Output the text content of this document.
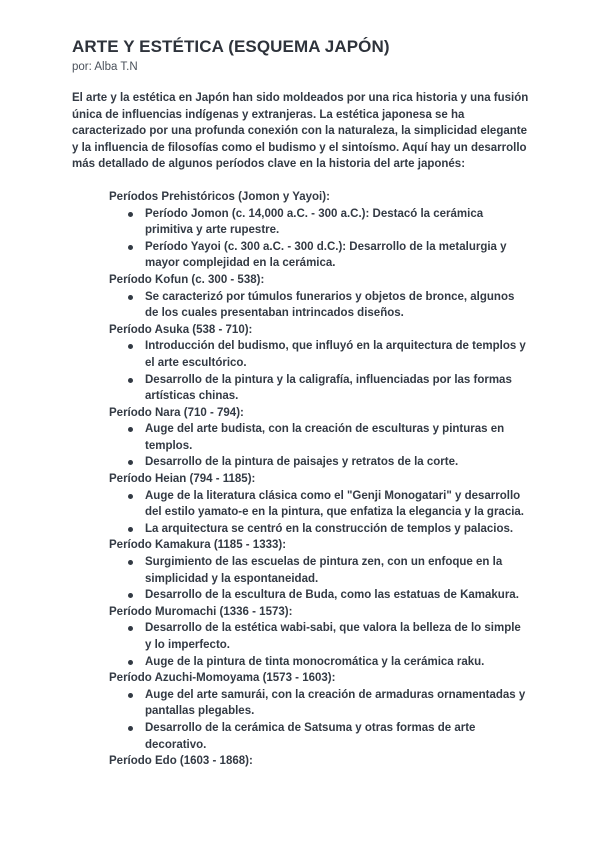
ARTE Y ESTÉTICA (ESQUEMA JAPÓN)

por: Alba T.N

El arte y la estética en Japón han sido moldeados por una rica historia y una fusión única de influencias indígenas y extranjeras. La estética japonesa se ha caracterizado por una profunda conexión con la naturaleza, la simplicidad elegante y la influencia de filosofías como el budismo y el sintoísmo. Aquí hay un desarrollo más detallado de algunos períodos clave en la historia del arte japonés:

Períodos Prehistóricos (Jomon y Yayoi):
Período Jomon (c. 14,000 a.C. - 300 a.C.): Destacó la cerámica primitiva y arte rupestre.
Período Yayoi (c. 300 a.C. - 300 d.C.): Desarrollo de la metalurgia y mayor complejidad en la cerámica.
Período Kofun (c. 300 - 538):
Se caracterizó por túmulos funerarios y objetos de bronce, algunos de los cuales presentaban intrincados diseños.
Período Asuka (538 - 710):
Introducción del budismo, que influyó en la arquitectura de templos y el arte escultórico.
Desarrollo de la pintura y la caligrafía, influenciadas por las formas artísticas chinas.
Período Nara (710 - 794):
Auge del arte budista, con la creación de esculturas y pinturas en templos.
Desarrollo de la pintura de paisajes y retratos de la corte.
Período Heian (794 - 1185):
Auge de la literatura clásica como el "Genji Monogatari" y desarrollo del estilo yamato-e en la pintura, que enfatiza la elegancia y la gracia.
La arquitectura se centró en la construcción de templos y palacios.
Período Kamakura (1185 - 1333):
Surgimiento de las escuelas de pintura zen, con un enfoque en la simplicidad y la espontaneidad.
Desarrollo de la escultura de Buda, como las estatuas de Kamakura.
Período Muromachi (1336 - 1573):
Desarrollo de la estética wabi-sabi, que valora la belleza de lo simple y lo imperfecto.
Auge de la pintura de tinta monocromática y la cerámica raku.
Período Azuchi-Momoyama (1573 - 1603):
Auge del arte samurái, con la creación de armaduras ornamentadas y pantallas plegables.
Desarrollo de la cerámica de Satsuma y otras formas de arte decorativo.
Período Edo (1603 - 1868):
